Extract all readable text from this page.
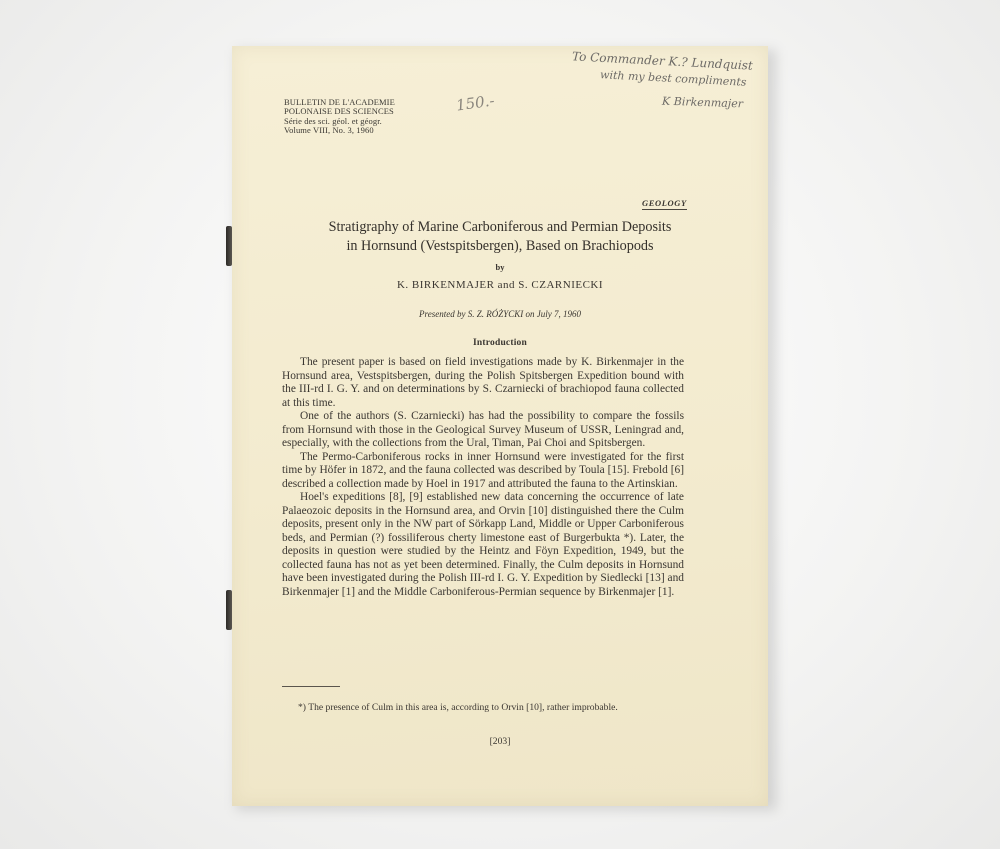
BULLETIN DE L'ACADEMIE
POLONAISE DES SCIENCES
Série des sci. géol. et géogr.
Volume VIII, No. 3, 1960
150.-
To Commander K.? Lundquist
with my best compliments
K Birkenmajer
GEOLOGY
Stratigraphy of Marine Carboniferous and Permian Deposits
in Hornsund (Vestspitsbergen), Based on Brachiopods
by
K. BIRKENMAJER and S. CZARNIECKI
Presented by S. Z. RÓŻYCKI on July 7, 1960
Introduction

The present paper is based on field investigations made by K. Birkenmajer in the Hornsund area, Vestspitsbergen, during the Polish Spitsbergen Expedition bound with the III-rd I. G. Y. and on determinations by S. Czarniecki of brachiopod fauna collected at this time.

One of the authors (S. Czarniecki) has had the possibility to compare the fossils from Hornsund with those in the Geological Survey Museum of USSR, Leningrad and, especially, with the collections from the Ural, Timan, Pai Choi and Spitsbergen.

The Permo-Carboniferous rocks in inner Hornsund were investigated for the first time by Höfer in 1872, and the fauna collected was described by Toula [15]. Frebold [6] described a collection made by Hoel in 1917 and attributed the fauna to the Artinskian.

Hoel's expeditions [8], [9] established new data concerning the occurrence of late Palaeozoic deposits in the Hornsund area, and Orvin [10] distinguished there the Culm deposits, present only in the NW part of Sörkapp Land, Middle or Upper Carboniferous beds, and Permian (?) fossiliferous cherty limestone east of Burgerbukta *). Later, the deposits in question were studied by the Heintz and Föyn Expedition, 1949, but the collected fauna has not as yet been determined. Finally, the Culm deposits in Hornsund have been investigated during the Polish III-rd I. G. Y. Expedition by Siedlecki [13] and Birkenmajer [1] and the Middle Carboniferous-Permian sequence by Birkenmajer [1].

*) The presence of Culm in this area is, according to Orvin [10], rather improbable.
[203]
